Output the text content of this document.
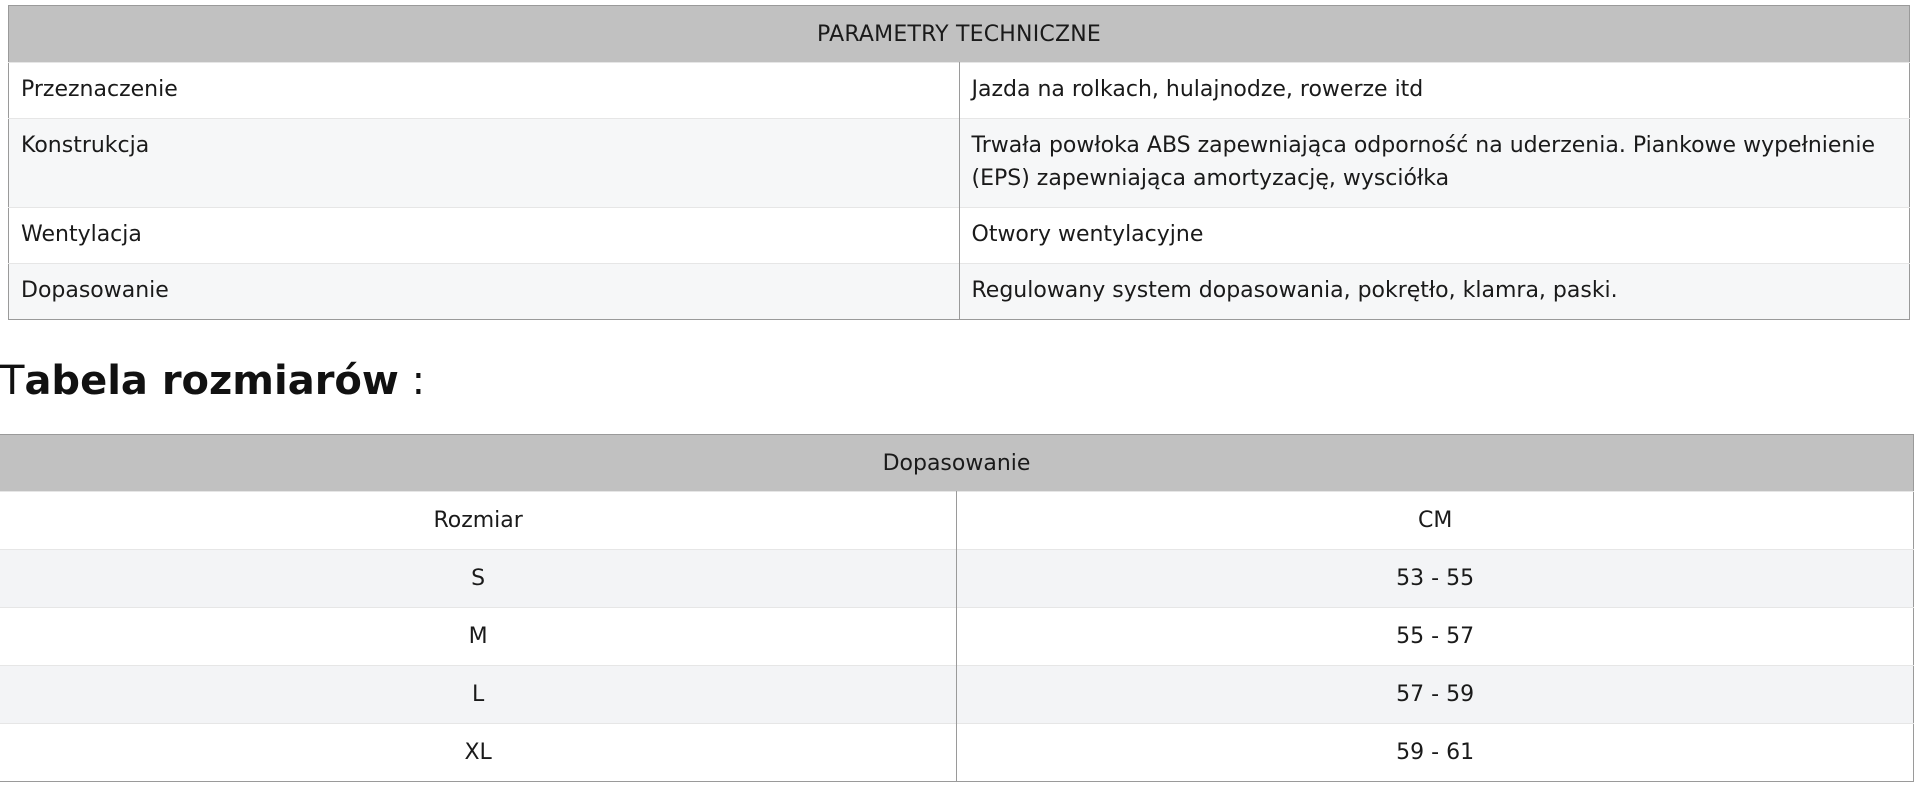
PARAMETRY TECHNICZNE	
Przeznaczenie	Jazda na rolkach, hulajnodze, rowerze itd
Konstrukcja	Trwała powłoka ABS zapewniająca odporność na uderzenia. Piankowe wypełnienie (EPS) zapewniająca amortyzację, wysciółka
Wentylacja	Otwory wentylacyjne
Dopasowanie	Regulowany system dopasowania, pokrętło, klamra, paski.
Tabela rozmiarów :
Dopasowanie	
Rozmiar	CM
S	53 - 55
M	55 - 57
L	57 - 59
XL	59 - 61
